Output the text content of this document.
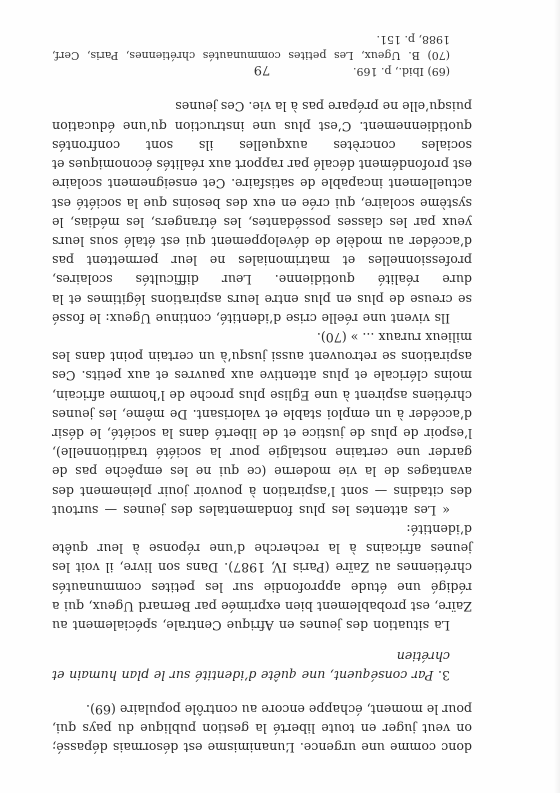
donc comme une urgence. L’unanimisme est désormais dépassé; on veut juger en toute liberté la gestion publique du pays qui, pour le moment, échappe encore au contrôle populaire (69).

3. Par conséquent, une quête d’identité sur le plan humain et chrétien

La situation des jeunes en Afrique Centrale, spécialement au Zaïre, est probablement bien exprimée par Bernard Ugeux, qui a rédigé une étude approfondie sur les petites communautés chrétiennes au Zaïre (Paris IV, 1987). Dans son livre, il voit les jeunes africains à la recherche d’une réponse à leur quête d’identité:

« Les attentes les plus fondamentales des jeunes — surtout des citadins — sont l’aspiration à pouvoir jouir pleinement des avantages de la vie moderne (ce qui ne les empêche pas de garder une certaine nostalgie pour la société traditionnelle), l’espoir de plus de justice et de liberté dans la société, le désir d’accéder à un emploi stable et valorisant. De même, les jeunes chrétiens aspirent à une Eglise plus proche de l’homme africain, moins cléricale et plus attentive aux pauvres et aux petits. Ces aspirations se retrouvent aussi jusqu’à un certain point dans les milieux ruraux ... » (70).

Ils vivent une réelle crise d’identité, continue Ugeux: le fossé se creuse de plus en plus entre leurs aspirations légitimes et la dure réalité quotidienne. Leur difficultés scolaires, professionnelles et matrimoniales ne leur permettent pas d’accéder au modèle de développement qui est étalé sous leurs yeux par les classes possédantes, les étrangers, les médias, le système scolaire, qui crée en eux des besoins que la société est actuellement incapable de satisfaire. Cet enseignement scolaire est profondément décalé par rapport aux réalités économiques et sociales concrètes auxquelles ils sont confrontés quotidiennement. C’est plus une instruction qu’une éducation puisqu’elle ne prépare pas à la vie. Ces jeunes

(69) Ibid., p. 169.

(70) B. Ugeux, Les petites communautés chrétiennes, Paris, Cerf, 1988, p. 151.

79
